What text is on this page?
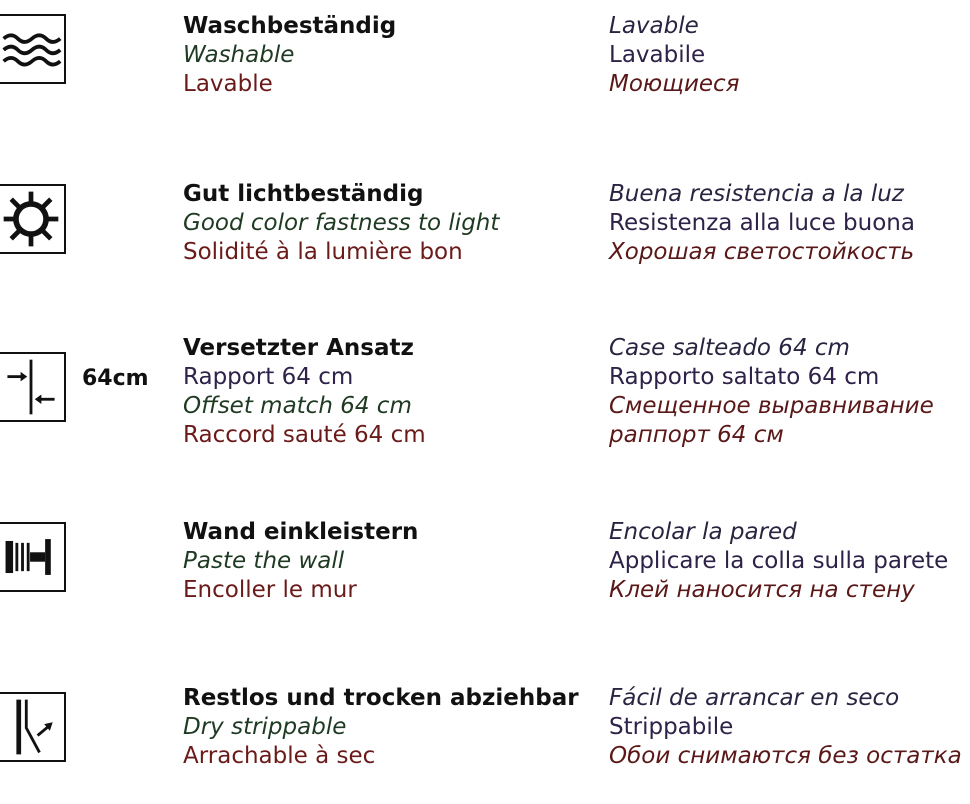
Waschbeständig
Washable
Lavable
Lavable
Lavabile
Моющиеся
Gut lichtbeständig
Good color fastness to light
Solidité à la lumière bon
Buena resistencia a la luz
Resistenza alla luce buona
Хорошая светостойкость
64cm
Versetzter Ansatz
Rapport 64 cm
Offset match 64 cm
Raccord sauté 64 cm
Case salteado 64 cm
Rapporto saltato 64 cm
Смещенное выравнивание
раппорт 64 см
Wand einkleistern
Paste the wall
Encoller le mur
Encolar la pared
Applicare la colla sulla parete
Клей наносится на стену
Restlos und trocken abziehbar
Dry strippable
Arrachable à sec
Fácil de arrancar en seco
Strippabile
Обои снимаются без остатка
